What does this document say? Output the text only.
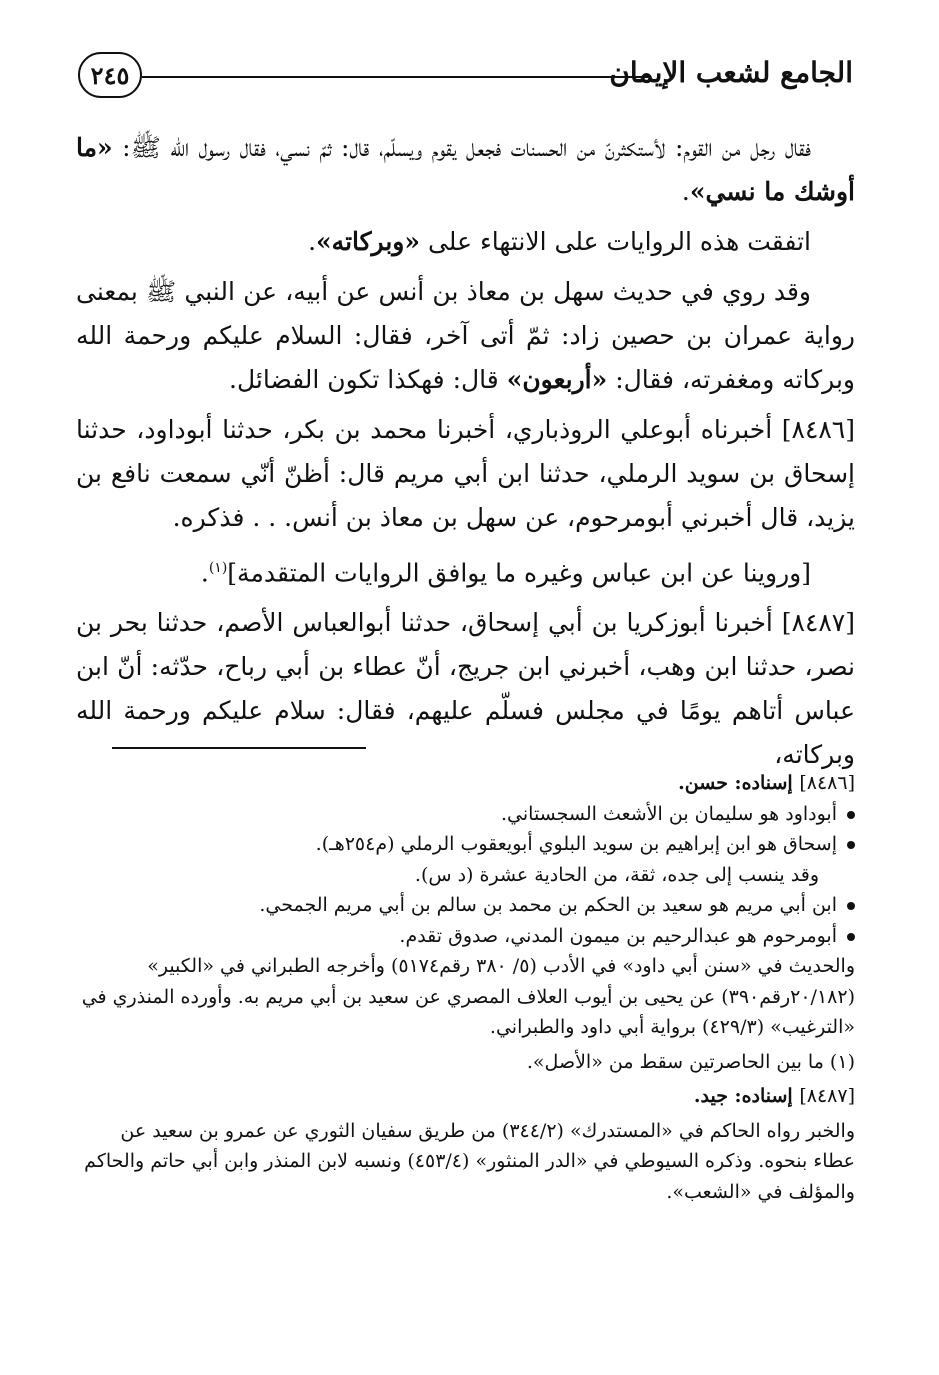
الجامع لشعب الإيمان
٢٤٥

فقال رجل من القوم: لأستكثرنّ من الحسنات فجعل يقوم ويسلّم، قال: ثمّ نسي، فقال رسول الله ﷺ: «ما أوشك ما نسي».

اتفقت هذه الروايات على الانتهاء على «وبركاته».

وقد روي في حديث سهل بن معاذ بن أنس عن أبيه، عن النبي ﷺ بمعنى رواية عمران بن حصين زاد: ثمّ أتى آخر، فقال: السلام عليكم ورحمة الله وبركاته ومغفرته، فقال: «أربعون» قال: فهكذا تكون الفضائل.

[٨٤٨٦] أخبرناه أبوعلي الروذباري، أخبرنا محمد بن بكر، حدثنا أبوداود، حدثنا إسحاق بن سويد الرملي، حدثنا ابن أبي مريم قال: أظنّ أنّي سمعت نافع بن يزيد، قال أخبرني أبومرحوم، عن سهل بن معاذ بن أنس. . . فذكره.

[وروينا عن ابن عباس وغيره ما يوافق الروايات المتقدمة]$^{(١)}$.

[٨٤٨٧] أخبرنا أبوزكريا بن أبي إسحاق، حدثنا أبوالعباس الأصم، حدثنا بحر بن نصر، حدثنا ابن وهب، أخبرني ابن جريج، أنّ عطاء بن أبي رباح، حدّثه: أنّ ابن عباس أتاهم يومًا في مجلس فسلّم عليهم، فقال: سلام عليكم ورحمة الله وبركاته،

[٨٤٨٦] إسناده: حسن.

أبوداود هو سليمان بن الأشعث السجستاني.
إسحاق هو ابن إبراهيم بن سويد البلوي أبويعقوب الرملي (م٢٥٤هـ).
وقد ينسب إلى جده، ثقة، من الحادية عشرة (د س).
ابن أبي مريم هو سعيد بن الحكم بن محمد بن سالم بن أبي مريم الجمحي.
أبومرحوم هو عبدالرحيم بن ميمون المدني، صدوق تقدم.

والحديث في «سنن أبي داود» في الأدب (٥/ ٣٨٠ رقم٥١٧٤) وأخرجه الطبراني في «الكبير» (٢٠/١٨٢رقم٣٩٠) عن يحيى بن أيوب العلاف المصري عن سعيد بن أبي مريم به. وأورده المنذري في «الترغيب» (٤٢٩/٣) برواية أبي داود والطبراني.

(١) ما بين الحاصرتين سقط من «الأصل».

[٨٤٨٧] إسناده: جيد.

والخبر رواه الحاكم في «المستدرك» (٣٤٤/٢) من طريق سفيان الثوري عن عمرو بن سعيد عن عطاء بنحوه. وذكره السيوطي في «الدر المنثور» (٤٥٣/٤) ونسبه لابن المنذر وابن أبي حاتم والحاكم والمؤلف في «الشعب».
